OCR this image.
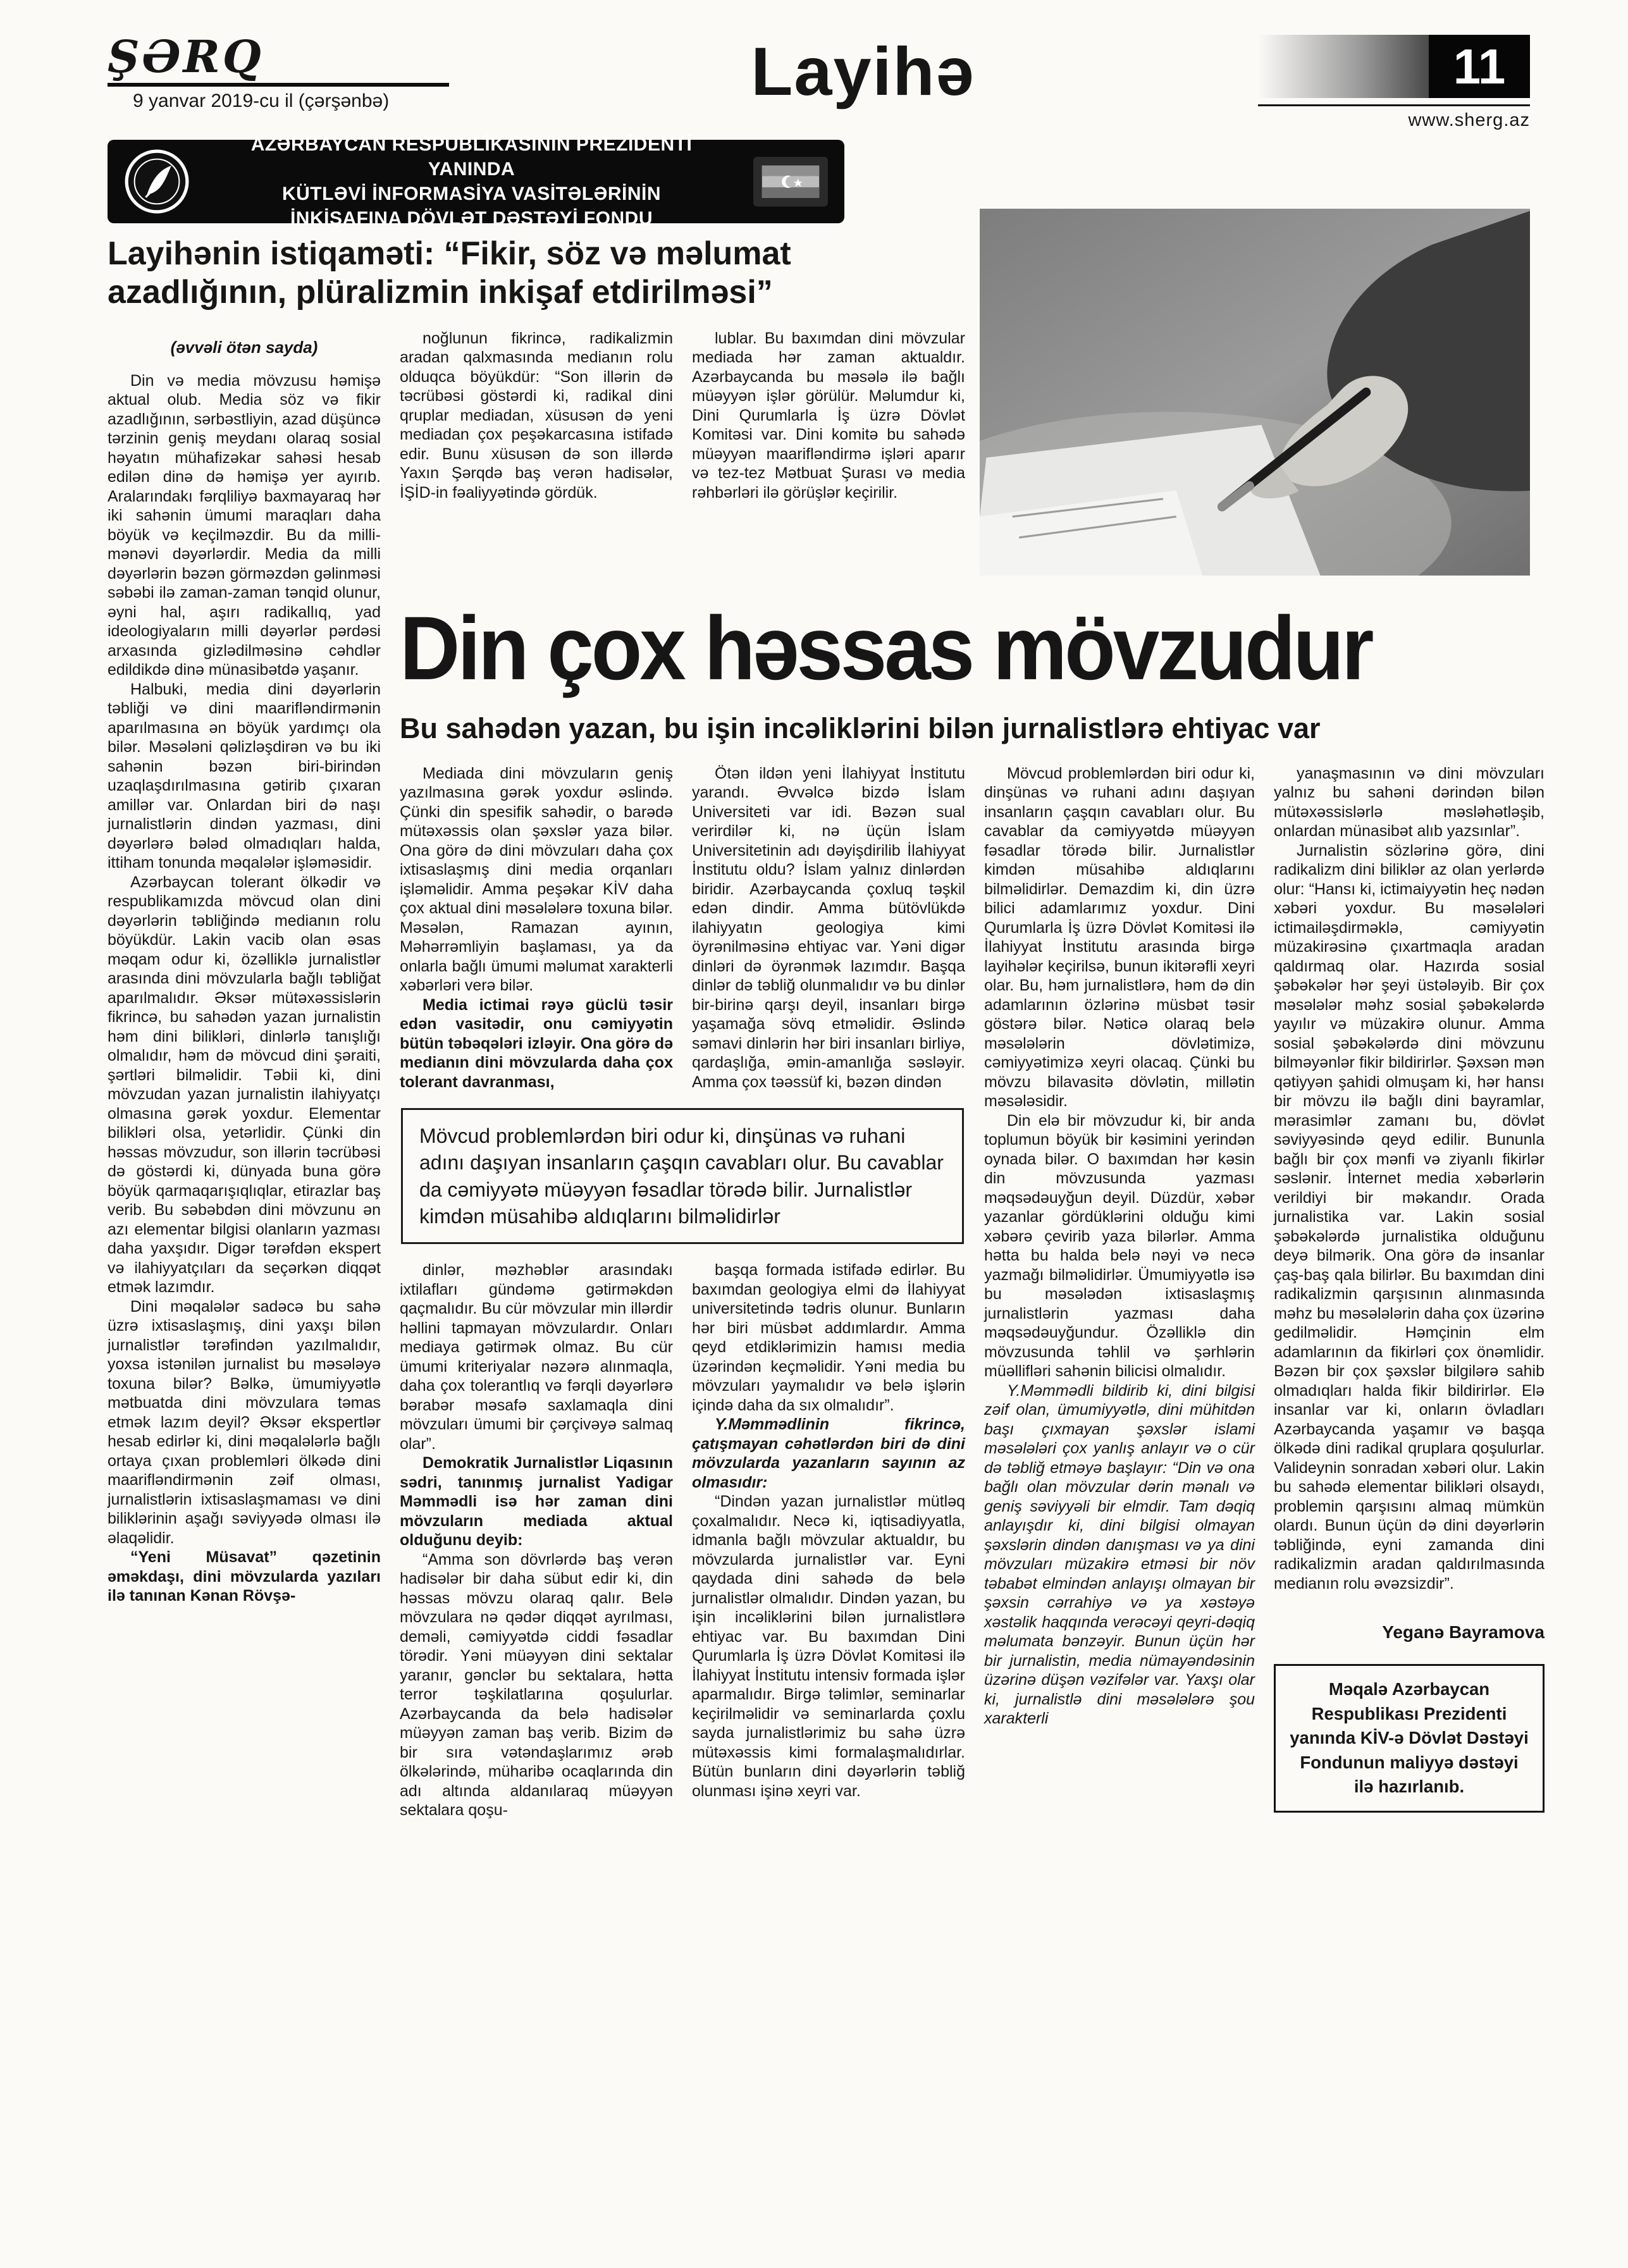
ŞƏRQ
9 yanvar 2019-cu il (çərşənbə)	Layihə	11
www.sherg.az
AZƏRBAYCAN RESPUBLİKASININ PREZİDENTİ YANINDA
KÜTLƏVİ İNFORMASİYA VASİTƏLƏRİNİN
İNKİŞAFINA DÖVLƏT DƏSTƏYİ FONDU
Layihənin istiqaməti: “Fikir, söz və məlumat azadlığının, plüralizmin inkişaf etdirilməsi”
(əvvəli ötən sayda)

Din və media mövzusu həmişə aktual olub. Media söz və fikir azadlığının, sərbəstliyin, azad düşüncə tərzinin geniş meydanı olaraq sosial həyatın mühafizəkar sahəsi hesab edilən dinə də həmişə yer ayırıb. Aralarındakı fərqliliyə baxmayaraq hər iki sahənin ümumi maraqları daha böyük və keçilməzdir. Bu da milli-mənəvi dəyərlərdir. Media da milli dəyərlərin bəzən görməzdən gəlinməsi səbəbi ilə zaman-zaman tənqid olunur, əyni hal, aşırı radikallıq, yad ideologiyaların milli dəyərlər pərdəsi arxasında gizlədilməsinə cəhdlər edildikdə dinə münasibətdə yaşanır.

Halbuki, media dini dəyərlərin təbliği və dini maarifləndirmənin aparılmasına ən böyük yardımçı ola bilər. Məsələni qəlizləşdirən və bu iki sahənin bəzən biri-birindən uzaqlaşdırılmasına gətirib çıxaran amillər var. Onlardan biri də naşı jurnalistlərin dindən yazması, dini dəyərlərə bələd olmadıqları halda, ittiham tonunda məqalələr işləməsidir.

Azərbaycan tolerant ölkədir və respublikamızda mövcud olan dini dəyərlərin təbliğində medianın rolu böyükdür. Lakin vacib olan əsas məqam odur ki, özəlliklə jurnalistlər arasında dini mövzularla bağlı təbliğat aparılmalıdır. Əksər mütəxəssislərin fikrincə, bu sahədən yazan jurnalistin həm dini bilikləri, dinlərlə tanışlığı olmalıdır, həm də mövcud dini şəraiti, şərtləri bilməlidir. Təbii ki, dini mövzudan yazan jurnalistin ilahiyyatçı olmasına gərək yoxdur. Elementar bilikləri olsa, yetərlidir. Çünki din həssas mövzudur, son illərin təcrübəsi də göstərdi ki, dünyada buna görə böyük qarmaqarışıqlıqlar, etirazlar baş verib. Bu səbəbdən dini mövzunu ən azı elementar bilgisi olanların yazması daha yaxşıdır. Digər tərəfdən ekspert və ilahiyyatçıları da seçərkən diqqət etmək lazımdır.

Dini məqalələr sadəcə bu sahə üzrə ixtisaslaşmış, dini yaxşı bilən jurnalistlər tərəfindən yazılmalıdır, yoxsa istənilən jurnalist bu məsələyə toxuna bilər? Bəlkə, ümumiyyətlə mətbuatda dini mövzulara təmas etmək lazım deyil? Əksər ekspertlər hesab edirlər ki, dini məqalələrlə bağlı ortaya çıxan problemləri ölkədə dini maarifləndirmənin zəif olması, jurnalistlərin ixtisaslaşmaması və dini biliklərinin aşağı səviyyədə olması ilə əlaqəlidir.

“Yeni Müsavat” qəzetinin əməkdaşı, dini mövzularda yazıları ilə tanınan Kənan Rövşə-

noğlunun fikrincə, radikalizmin aradan qalxmasında medianın rolu olduqca böyükdür: “Son illərin də təcrübəsi göstərdi ki, radikal dini qruplar mediadan, xüsusən də yeni mediadan çox peşəkarcasına istifadə edir. Bunu xüsusən də son illərdə Yaxın Şərqdə baş verən hadisələr, İŞİD-in fəaliyyətində gördük.

lublar. Bu baxımdan dini mövzular mediada hər zaman aktualdır. Azərbaycanda bu məsələ ilə bağlı müəyyən işlər görülür. Məlumdur ki, Dini Qurumlarla İş üzrə Dövlət Komitəsi var. Dini komitə bu sahədə müəyyən maarifləndirmə işləri aparır və tez-tez Mətbuat Şurası və media rəhbərləri ilə görüşlər keçirilir.

Din çox həssas mövzudur
Bu sahədən yazan, bu işin incəliklərini bilən jurnalistlərə ehtiyac var

Mediada dini mövzuların geniş yazılmasına gərək yoxdur əslində. Çünki din spesifik sahədir, o barədə mütəxəssis olan şəxslər yaza bilər. Ona görə də dini mövzuları daha çox ixtisaslaşmış dini media orqanları işləməlidir. Amma peşəkar KİV daha çox aktual dini məsələlərə toxuna bilər. Məsələn, Ramazan ayının, Məhərrəmliyin başlaması, ya da onlarla bağlı ümumi məlumat xarakterli xəbərləri verə bilər.

Media ictimai rəyə güclü təsir edən vasitədir, onu cəmiyyətin bütün təbəqələri izləyir. Ona görə də medianın dini mövzularda daha çox tolerant davranması,

Ötən ildən yeni İlahiyyat İnstitutu yarandı. Əvvəlcə bizdə İslam Universiteti var idi. Bəzən sual verirdilər ki, nə üçün İslam Universitetinin adı dəyişdirilib İlahiyyat İnstitutu oldu? İslam yalnız dinlərdən biridir. Azərbaycanda çoxluq təşkil edən dindir. Amma bütövlükdə ilahiyyatın geologiya kimi öyrənilməsinə ehtiyac var. Yəni digər dinləri də öyrənmək lazımdır. Başqa dinlər də təbliğ olunmalıdır və bu dinlər bir-birinə qarşı deyil, insanları birgə yaşamağa sövq etməlidir. Əslində səmavi dinlərin hər biri insanları birliyə, qardaşlığa, əmin-amanlığa səsləyir. Amma çox təəssüf ki, bəzən dindən

Mövcud problemlərdən biri odur ki, dinşünas və ruhani adını daşıyan insanların çaşqın cavabları olur. Bu cavablar da cəmiyyətə müəyyən fəsadlar törədə bilir. Jurnalistlər kimdən müsahibə aldıqlarını bilməlidirlər

dinlər, məzhəblər arasındakı ixtilafları gündəmə gətirməkdən qaçmalıdır. Bu cür mövzular min illərdir həllini tapmayan mövzulardır. Onları mediaya gətirmək olmaz. Bu cür ümumi kriteriyalar nəzərə alınmaqla, daha çox tolerantlıq və fərqli dəyərlərə bərabər məsafə saxlamaqla dini mövzuları ümumi bir çərçivəyə salmaq olar”.

Demokratik Jurnalistlər Liqasının sədri, tanınmış jurnalist Yadigar Məmmədli isə hər zaman dini mövzuların mediada aktual olduğunu deyib:

“Amma son dövrlərdə baş verən hadisələr bir daha sübut edir ki, din həssas mövzu olaraq qalır. Belə mövzulara nə qədər diqqət ayrılması, deməli, cəmiyyətdə ciddi fəsadlar törədir. Yəni müəyyən dini sektalar yaranır, gənclər bu sektalara, hətta terror təşkilatlarına qoşulurlar. Azərbaycanda da belə hadisələr müəyyən zaman baş verib. Bizim də bir sıra vətəndaşlarımız ərəb ölkələrində, müharibə ocaqlarında din adı altında aldanılaraq müəyyən sektalara qoşu-

başqa formada istifadə edirlər. Bu baxımdan geologiya elmi də İlahiyyat universitetində tədris olunur. Bunların hər biri müsbət addımlardır. Amma qeyd etdiklərimizin hamısı media üzərindən keçməlidir. Yəni media bu mövzuları yaymalıdır və belə işlərin içində daha da sıx olmalıdır”.

Y.Məmmədlinin fikrincə, çatışmayan cəhətlərdən biri də dini mövzularda yazanların sayının az olmasıdır:

“Dindən yazan jurnalistlər mütləq çoxalmalıdır. Necə ki, iqtisadiyyatla, idmanla bağlı mövzular aktualdır, bu mövzularda jurnalistlər var. Eyni qaydada dini sahədə də belə jurnalistlər olmalıdır. Dindən yazan, bu işin incəliklərini bilən jurnalistlərə ehtiyac var. Bu baxımdan Dini Qurumlarla İş üzrə Dövlət Komitəsi ilə İlahiyyat İnstitutu intensiv formada işlər aparmalıdır. Birgə təlimlər, seminarlar keçirilməlidir və seminarlarda çoxlu sayda jurnalistlərimiz bu sahə üzrə mütəxəssis kimi formalaşmalıdırlar. Bütün bunların dini dəyərlərin təbliğ olunması işinə xeyri var.

Mövcud problemlərdən biri odur ki, dinşünas və ruhani adını daşıyan insanların çaşqın cavabları olur. Bu cavablar da cəmiyyətdə müəyyən fəsadlar törədə bilir. Jurnalistlər kimdən müsahibə aldıqlarını bilməlidirlər. Demazdim ki, din üzrə bilici adamlarımız yoxdur. Dini Qurumlarla İş üzrə Dövlət Komitəsi ilə İlahiyyat İnstitutu arasında birgə layihələr keçirilsə, bunun ikitərəfli xeyri olar. Bu, həm jurnalistlərə, həm də din adamlarının özlərinə müsbət təsir göstərə bilər. Nəticə olaraq belə məsələlərin dövlətimizə, cəmiyyətimizə xeyri olacaq. Çünki bu mövzu bilavasitə dövlətin, millətin məsələsidir.

Din elə bir mövzudur ki, bir anda toplumun böyük bir kəsimini yerindən oynada bilər. O baxımdan hər kəsin din mövzusunda yazması məqsədəuyğun deyil. Düzdür, xəbər yazanlar gördüklərini olduğu kimi xəbərə çevirib yaza bilərlər. Amma hətta bu halda belə nəyi və necə yazmağı bilməlidirlər. Ümumiyyətlə isə bu məsələdən ixtisaslaşmış jurnalistlərin yazması daha məqsədəuyğundur. Özəlliklə din mövzusunda təhlil və şərhlərin müəllifləri sahənin bilicisi olmalıdır.

Y.Məmmədli bildirib ki, dini bilgisi zəif olan, ümumiyyətlə, dini mühitdən başı çıxmayan şəxslər islami məsələləri çox yanlış anlayır və o cür də təbliğ etməyə başlayır: “Din və ona bağlı olan mövzular dərin mənalı və geniş səviyyəli bir elmdir. Tam dəqiq anlayışdır ki, dini bilgisi olmayan şəxslərin dindən danışması və ya dini mövzuları müzakirə etməsi bir növ təbabət elmindən anlayışı olmayan bir şəxsin cərrahiyə və ya xəstəyə xəstəlik haqqında verəcəyi qeyri-dəqiq məlumata bənzəyir. Bunun üçün hər bir jurnalistin, media nümayəndəsinin üzərinə düşən vəzifələr var. Yaxşı olar ki, jurnalistlə dini məsələlərə şou xarakterli

yanaşmasının və dini mövzuları yalnız bu sahəni dərindən bilən mütəxəssislərlə məsləhətləşib, onlardan münasibət alıb yazsınlar”.

Jurnalistin sözlərinə görə, dini radikalizm dini biliklər az olan yerlərdə olur: “Hansı ki, ictimaiyyətin heç nədən xəbəri yoxdur. Bu məsələləri ictimailəşdirməklə, cəmiyyətin müzakirəsinə çıxartmaqla aradan qaldırmaq olar. Hazırda sosial şəbəkələr hər şeyi üstələyib. Bir çox məsələlər məhz sosial şəbəkələrdə yayılır və müzakirə olunur. Amma sosial şəbəkələrdə dini mövzunu bilməyənlər fikir bildirirlər. Şəxsən mən qətiyyən şahidi olmuşam ki, hər hansı bir mövzu ilə bağlı dini bayramlar, mərasimlər zamanı bu, dövlət səviyyəsində qeyd edilir. Bununla bağlı bir çox mənfi və ziyanlı fikirlər səslənir. İnternet media xəbərlərin verildiyi bir məkandır. Orada jurnalistika var. Lakin sosial şəbəkələrdə jurnalistika olduğunu deyə bilmərik. Ona görə də insanlar çaş-baş qala bilirlər. Bu baxımdan dini radikalizmin qarşısının alınmasında məhz bu məsələlərin daha çox üzərinə gedilməlidir. Həmçinin elm adamlarının da fikirləri çox önəmlidir. Bəzən bir çox şəxslər bilgilərə sahib olmadıqları halda fikir bildirirlər. Elə insanlar var ki, onların övladları Azərbaycanda yaşamır və başqa ölkədə dini radikal qruplara qoşulurlar. Valideynin sonradan xəbəri olur. Lakin bu sahədə elementar bilikləri olsaydı, problemin qarşısını almaq mümkün olardı. Bunun üçün də dini dəyərlərin təbliğində, eyni zamanda dini radikalizmin aradan qaldırılmasında medianın rolu əvəzsizdir”.

Yeganə Bayramova
Məqalə Azərbaycan Respublikası Prezidenti yanında KİV-ə Dövlət Dəstəyi Fondunun maliyyə dəstəyi ilə hazırlanıb.
